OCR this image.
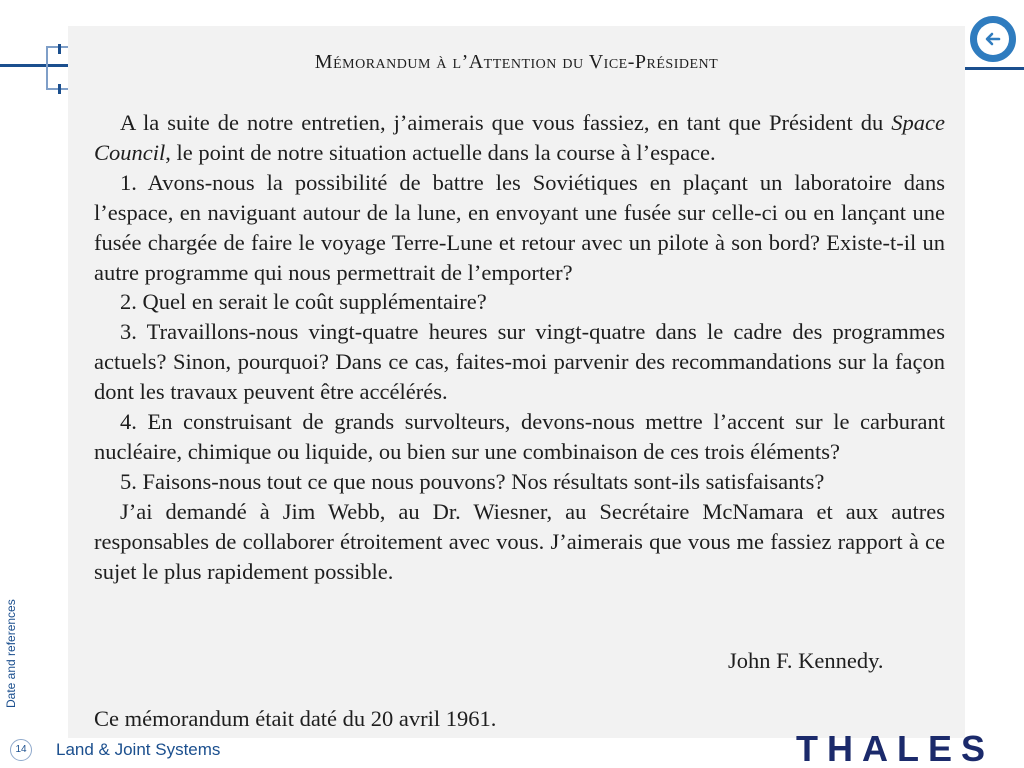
Mémorandum à l’Attention du Vice-Président

A la suite de notre entretien, j’aimerais que vous fassiez, en tant que Président du Space Council, le point de notre situation actuelle dans la course à l’espace.

1. Avons-nous la possibilité de battre les Soviétiques en plaçant un laboratoire dans l’espace, en naviguant autour de la lune, en envoyant une fusée sur celle-ci ou en lançant une fusée chargée de faire le voyage Terre-Lune et retour avec un pilote à son bord? Existe-t-il un autre programme qui nous permettrait de l’emporter?

2. Quel en serait le coût supplémentaire?

3. Travaillons-nous vingt-quatre heures sur vingt-quatre dans le cadre des programmes actuels? Sinon, pourquoi? Dans ce cas, faites-moi parvenir des recommandations sur la façon dont les travaux peuvent être accélérés.

4. En construisant de grands survolteurs, devons-nous mettre l’accent sur le carburant nucléaire, chimique ou liquide, ou bien sur une combinaison de ces trois éléments?

5. Faisons-nous tout ce que nous pouvons? Nos résultats sont-ils satisfaisants?

J’ai demandé à Jim Webb, au Dr. Wiesner, au Secrétaire McNamara et aux autres responsables de collaborer étroitement avec vous. J’aimerais que vous me fassiez rapport à ce sujet le plus rapidement possible.

John F. Kennedy.
Ce mémorandum était daté du 20 avril 1961.
Date and references
14	Land & Joint Systems	THALES
